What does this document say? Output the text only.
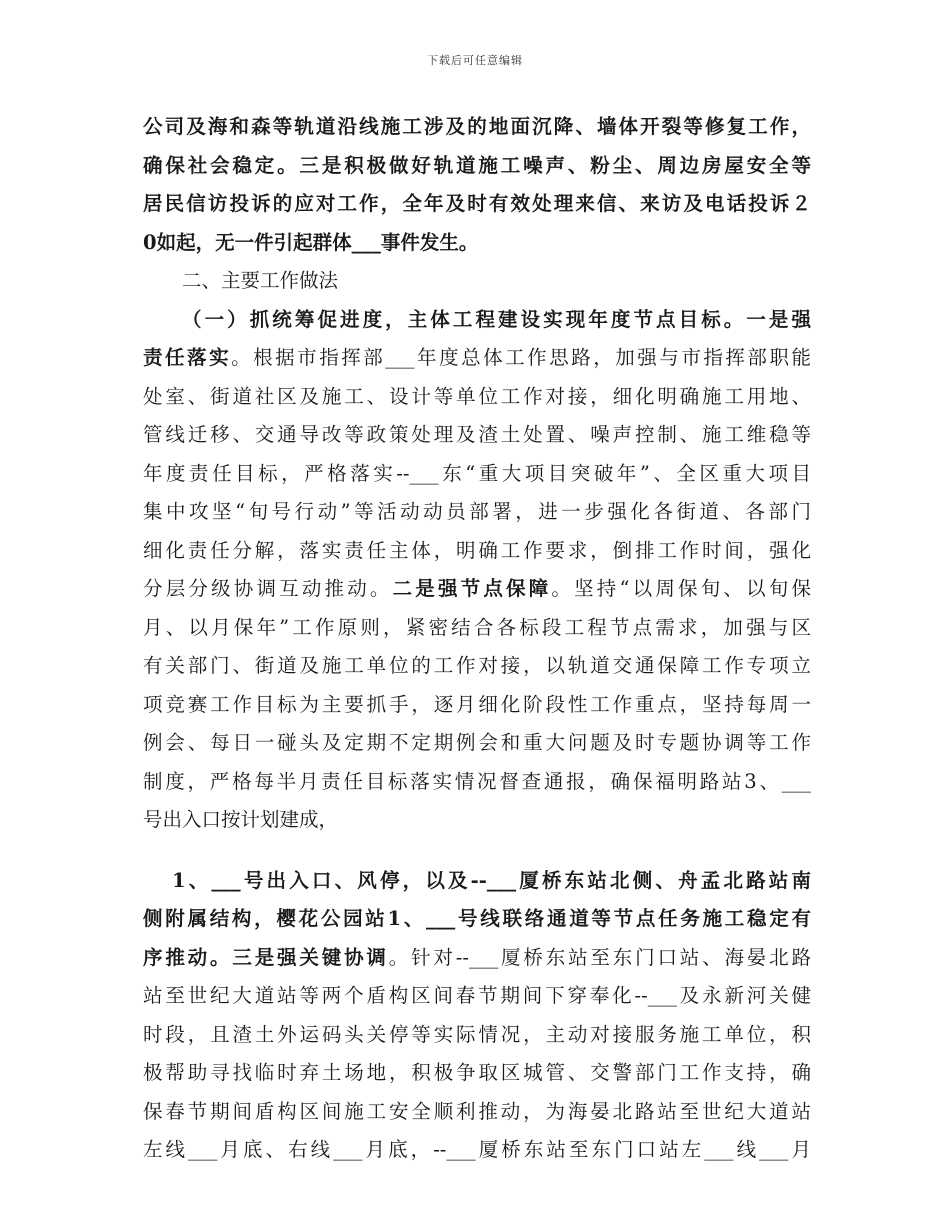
下载后可任意编辑
公司及海和森等轨道沿线施工涉及的地面沉降、墙体开裂等修复工作，
确保社会稳定。三是积极做好轨道施工噪声、粉尘、周边房屋安全等
居民信访投诉的应对工作，全年及时有效处理来信、来访及电话投诉２
0如起，无一件引起群体___事件发生。
二、主要工作做法
（一）抓统筹促进度，主体工程建设实现年度节点目标。一是强
责任落实。根据市指挥部___年度总体工作思路，加强与市指挥部职能
处室、街道社区及施工、设计等单位工作对接，细化明确施工用地、
管线迁移、交通导改等政策处理及渣土处置、噪声控制、施工维稳等
年度责任目标，严格落实--___东“重大项目突破年”、全区重大项目
集中攻坚“旬号行动”等活动动员部署，进一步强化各街道、各部门
细化责任分解，落实责任主体，明确工作要求，倒排工作时间，强化
分层分级协调互动推动。二是强节点保障。坚持“以周保旬、以旬保
月、以月保年”工作原则，紧密结合各标段工程节点需求，加强与区
有关部门、街道及施工单位的工作对接，以轨道交通保障工作专项立
项竞赛工作目标为主要抓手，逐月细化阶段性工作重点，坚持每周一
例会、每日一碰头及定期不定期例会和重大问题及时专题协调等工作
制度，严格每半月责任目标落实情况督查通报，确保福明路站3、___
号出入口按计划建成，
1、___号出入口、风停，以及--___厦桥东站北侧、舟孟北路站南
侧附属结构，樱花公园站1、___号线联络通道等节点任务施工稳定有
序推动。三是强关键协调。针对--___厦桥东站至东门口站、海晏北路
站至世纪大道站等两个盾构区间春节期间下穿奉化--___及永新河关健
时段，且渣土外运码头关停等实际情况，主动对接服务施工单位，积
极帮助寻找临时弃土场地，积极争取区城管、交警部门工作支持，确
保春节期间盾构区间施工安全顺利推动，为海晏北路站至世纪大道站
左线___月底、右线___月底，--___厦桥东站至东门口站左___线___月
